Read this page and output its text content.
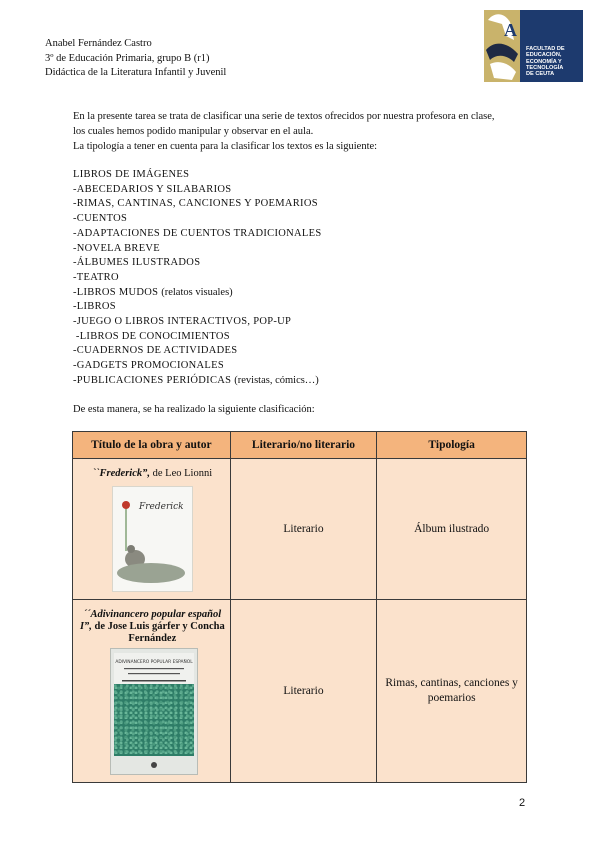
Anabel Fernández Castro
3º de Educación Primaria, grupo B (r1)
Didáctica de la Literatura Infantil y Juvenil
A
FACULTAD DE
EDUCACIÓN,
ECONOMÍA Y
TECNOLOGÍA
DE CEUTA
En la presente tarea se trata de clasificar una serie de textos ofrecidos por nuestra profesora en clase,
los cuales hemos podido manipular y observar en el aula.
La tipología a tener en cuenta para la clasificar los textos es la siguiente:
LIBROS DE IMÁGENES
-ABECEDARIOS Y SILABARIOS
-RIMAS, CANTINAS, CANCIONES Y POEMARIOS
-CUENTOS
-ADAPTACIONES DE CUENTOS TRADICIONALES
-NOVELA BREVE
-ÁLBUMES ILUSTRADOS
-TEATRO
-LIBROS MUDOS (relatos visuales)
-LIBROS
-JUEGO O LIBROS INTERACTIVOS, POP-UP
-LIBROS DE CONOCIMIENTOS
-CUADERNOS DE ACTIVIDADES
-GADGETS PROMOCIONALES
-PUBLICACIONES PERIÓDICAS (revistas, cómics…)
De esta manera, se ha realizado la siguiente clasificación:
Título de la obra y autor	Literario/no literario	Tipología

``Frederick”, de Leo Lionni
Frederick	Literario	Álbum ilustrado

´´Adivinancero popular español I”, de Jose Luis gárfer y Concha Fernández
ADIVINANCERO POPULAR ESPAÑOL	Literario	Rimas, cantinas, canciones y poemarios
2
